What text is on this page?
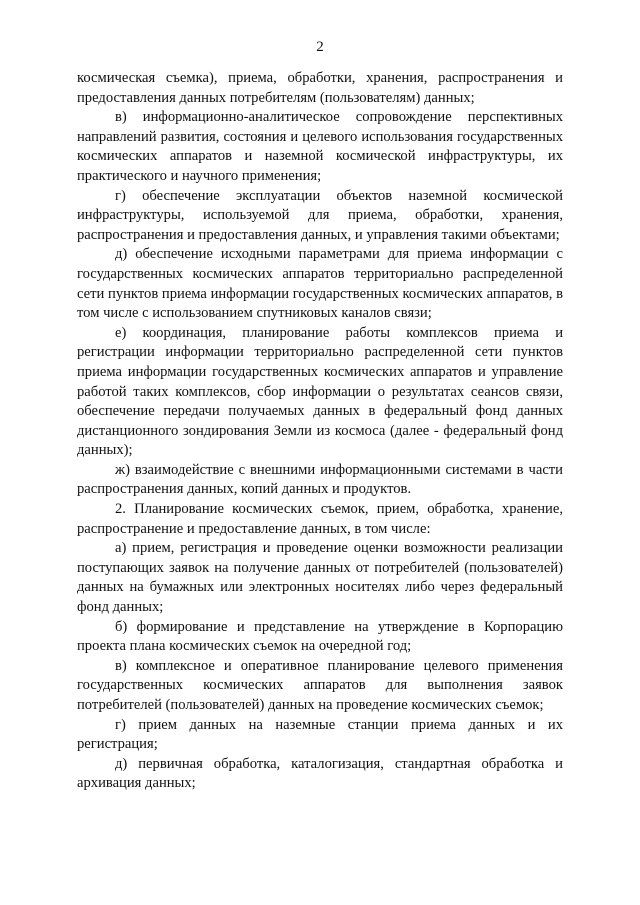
2

космическая съемка), приема, обработки, хранения, распространения и предоставления данных потребителям (пользователям) данных;

в) информационно-аналитическое сопровождение перспективных направлений развития, состояния и целевого использования государственных космических аппаратов и наземной космической инфраструктуры, их практического и научного применения;

г) обеспечение эксплуатации объектов наземной космической инфраструктуры, используемой для приема, обработки, хранения, распространения и предоставления данных, и управления такими объектами;

д) обеспечение исходными параметрами для приема информации с государственных космических аппаратов территориально распределенной сети пунктов приема информации государственных космических аппаратов, в том числе с использованием спутниковых каналов связи;

е) координация, планирование работы комплексов приема и регистрации информации территориально распределенной сети пунктов приема информации государственных космических аппаратов и управление работой таких комплексов, сбор информации о результатах сеансов связи, обеспечение передачи получаемых данных в федеральный фонд данных дистанционного зондирования Земли из космоса (далее - федеральный фонд данных);

ж) взаимодействие с внешними информационными системами в части распространения данных, копий данных и продуктов.

2. Планирование космических съемок, прием, обработка, хранение, распространение и предоставление данных, в том числе:

а) прием, регистрация и проведение оценки возможности реализации поступающих заявок на получение данных от потребителей (пользователей) данных на бумажных или электронных носителях либо через федеральный фонд данных;

б) формирование и представление на утверждение в Корпорацию проекта плана космических съемок на очередной год;

в) комплексное и оперативное планирование целевого применения государственных космических аппаратов для выполнения заявок потребителей (пользователей) данных на проведение космических съемок;

г) прием данных на наземные станции приема данных и их регистрация;

д) первичная обработка, каталогизация, стандартная обработка и архивация данных;
